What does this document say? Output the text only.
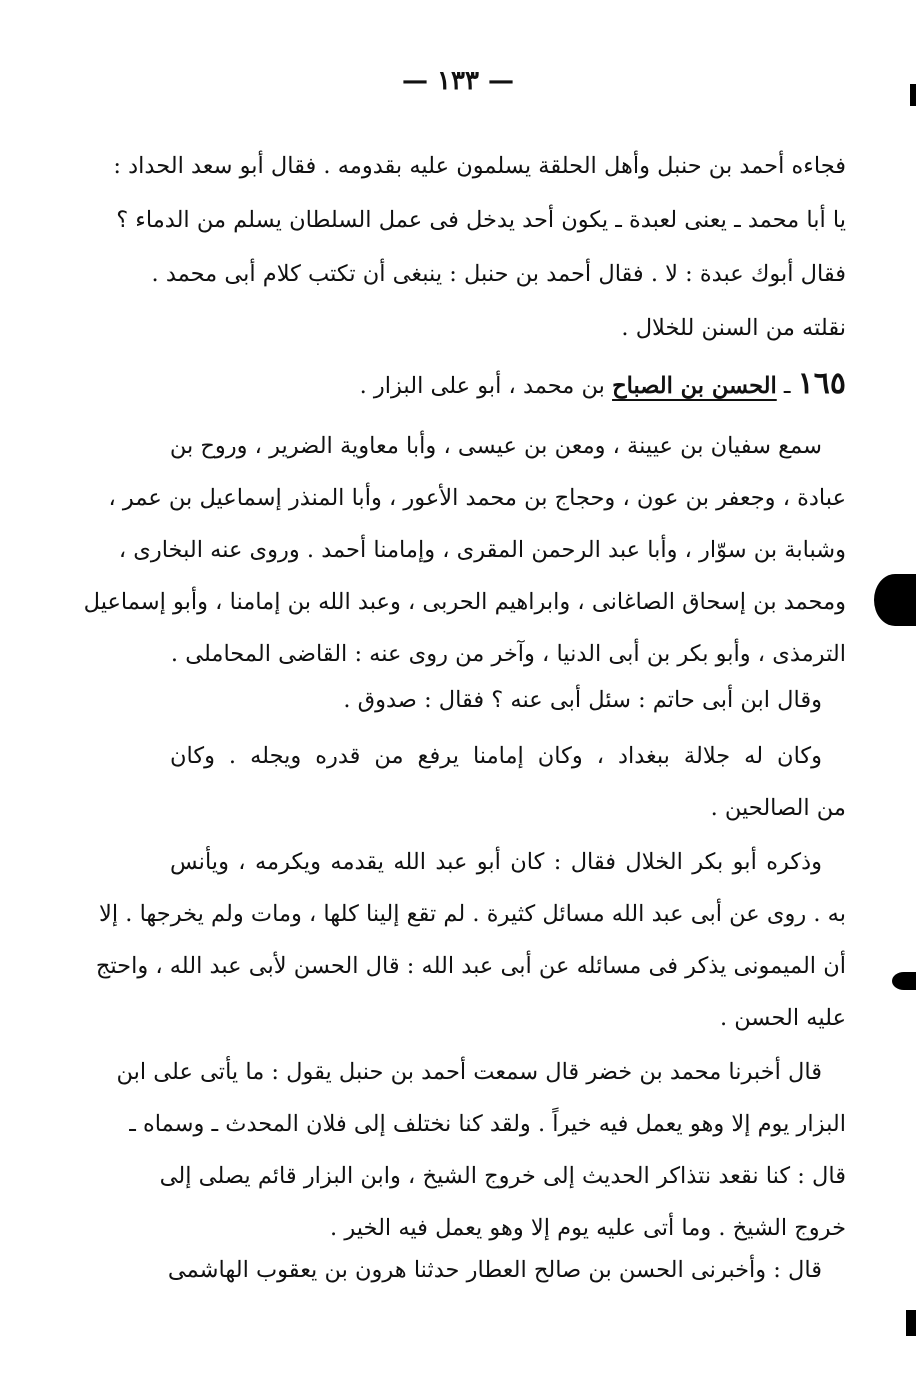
— ١٣٣ —
فجاءه أحمد بن حنبل وأهل الحلقة يسلمون عليه بقدومه . فقال أبو سعد الحداد :
يا أبا محمد ـ يعنى لعبدة ـ يكون أحد يدخل فى عمل السلطان يسلم من الدماء ؟
فقال أبوك عبدة : لا . فقال أحمد بن حنبل : ينبغى أن تكتب كلام أبى محمد .
نقلته من السنن للخلال .
١٦٥ ـ الحسن بن الصباح بن محمد ، أبو على البزار .
سمع سفيان بن عيينة ، ومعن بن عيسى ، وأبا معاوية الضرير ، وروح بن
عبادة ، وجعفر بن عون ، وحجاج بن محمد الأعور ، وأبا المنذر إسماعيل بن عمر ،
وشبابة بن سوّار ، وأبا عبد الرحمن المقرى ، وإمامنا أحمد . وروى عنه البخارى ،
ومحمد بن إسحاق الصاغانى ، وابراهيم الحربى ، وعبد الله بن إمامنا ، وأبو إسماعيل
الترمذى ، وأبو بكر بن أبى الدنيا ، وآخر من روى عنه : القاضى المحاملى .
وقال ابن أبى حاتم : سئل أبى عنه ؟ فقال : صدوق .
وكان له جلالة ببغداد ، وكان إمامنا يرفع من قدره ويجله . وكان
من الصالحين .
وذكره أبو بكر الخلال فقال : كان أبو عبد الله يقدمه ويكرمه ، ويأنس
به . روى عن أبى عبد الله مسائل كثيرة . لم تقع إلينا كلها ، ومات ولم يخرجها . إلا
أن الميمونى يذكر فى مسائله عن أبى عبد الله : قال الحسن لأبى عبد الله ، واحتج
عليه الحسن .
قال أخبرنا محمد بن خضر قال سمعت أحمد بن حنبل يقول : ما يأتى على ابن
البزار يوم إلا وهو يعمل فيه خيراً . ولقد كنا نختلف إلى فلان المحدث ـ وسماه ـ
قال : كنا نقعد نتذاكر الحديث إلى خروج الشيخ ، وابن البزار قائم يصلى إلى
خروج الشيخ . وما أتى عليه يوم إلا وهو يعمل فيه الخير .
قال : وأخبرنى الحسن بن صالح العطار حدثنا هرون بن يعقوب الهاشمى
